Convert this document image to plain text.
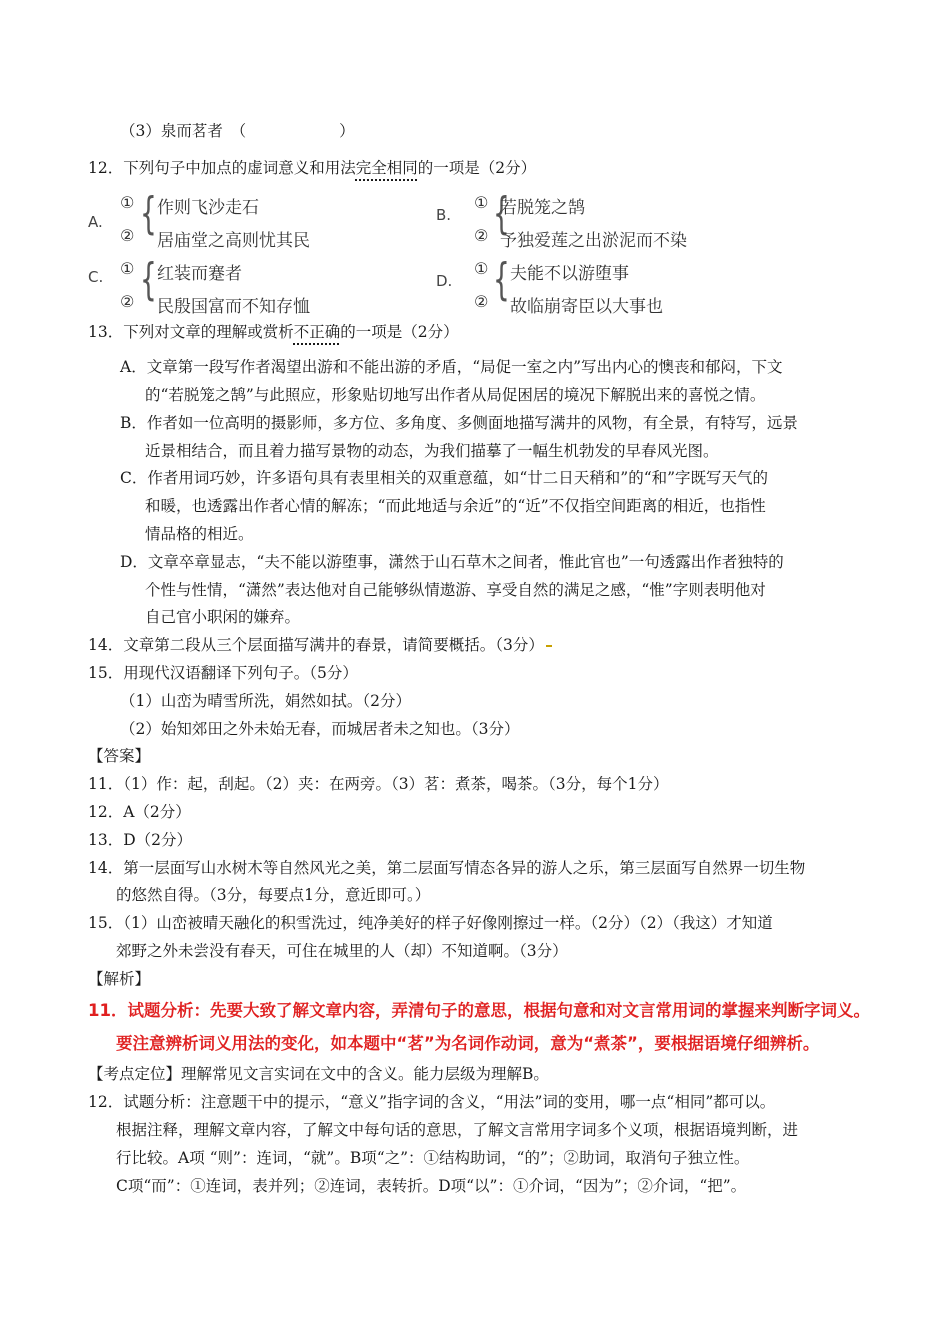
（3）泉而茗者　（　　　　　　）
12．下列句子中加点的虚词意义和用法完全相同的一项是（2分）
A.
① { 作则飞沙走石
② 居庙堂之高则忧其民
B.
① {
若脱笼之鹄
② 予独爱莲之出淤泥而不染
C. ① { 红装而蹇者
② 民殷国富而不知存恤
D.
① { 夫能不以游堕事
② 故临崩寄臣以大事也
13．下列对文章的理解或赏析不正确的一项是（2分）
A．文章第一段写作者渴望出游和不能出游的矛盾，“局促一室之内”写出内心的懊丧和郁闷，下文
的“若脱笼之鹄”与此照应，形象贴切地写出作者从局促困居的境况下解脱出来的喜悦之情。
B．作者如一位高明的摄影师，多方位、多角度、多侧面地描写满井的风物，有全景，有特写，远景
近景相结合，而且着力描写景物的动态，为我们描摹了一幅生机勃发的早春风光图。
C．作者用词巧妙，许多语句具有表里相关的双重意蕴，如“廿二日天稍和”的“和”字既写天气的
和暖，也透露出作者心情的解冻；“而此地适与余近”的“近”不仅指空间距离的相近，也指性
情品格的相近。
D．文章卒章显志，“夫不能以游堕事，潇然于山石草木之间者，惟此官也”一句透露出作者独特的
个性与性情，“潇然”表达他对自己能够纵情遨游、享受自然的满足之感，“惟”字则表明他对
自己官小职闲的嫌弃。
14．文章第二段从三个层面描写满井的春景，请简要概括。（3分）
15．用现代汉语翻译下列句子。（5分）
（1）山峦为晴雪所洗，娟然如拭。（2分）
（2）始知郊田之外未始无春，而城居者未之知也。（3分）
【答案】
11．（1）作：起，刮起。（2）夹：在两旁。（3）茗：煮茶，喝茶。（3分，每个1分）
12．A（2分）
13．D（2分）
14．第一层面写山水树木等自然风光之美，第二层面写情态各异的游人之乐，第三层面写自然界一切生物
的悠然自得。（3分，每要点1分，意近即可。）
15．（1）山峦被晴天融化的积雪洗过，纯净美好的样子好像刚擦过一样。（2分）（2）（我这）才知道
郊野之外未尝没有春天，可住在城里的人（却）不知道啊。（3分）
【解析】
11．试题分析：先要大致了解文章内容，弄清句子的意思，根据句意和对文言常用词的掌握来判断字词义。
要注意辨析词义用法的变化，如本题中“茗”为名词作动词，意为“煮茶”，要根据语境仔细辨析。
【考点定位】理解常见文言实词在文中的含义。能力层级为理解B。
12．试题分析：注意题干中的提示，“意义”指字词的含义，“用法”词的变用，哪一点“相同”都可以。
根据注释，理解文章内容，了解文中每句话的意思，了解文言常用字词多个义项，根据语境判断，进
行比较。A项 “则”：连词，“就”。B项“之”：①结构助词，“的”；②助词，取消句子独立性。
C项“而”：①连词，表并列；②连词，表转折。D项“以”：①介词，“因为”；②介词，“把”。
